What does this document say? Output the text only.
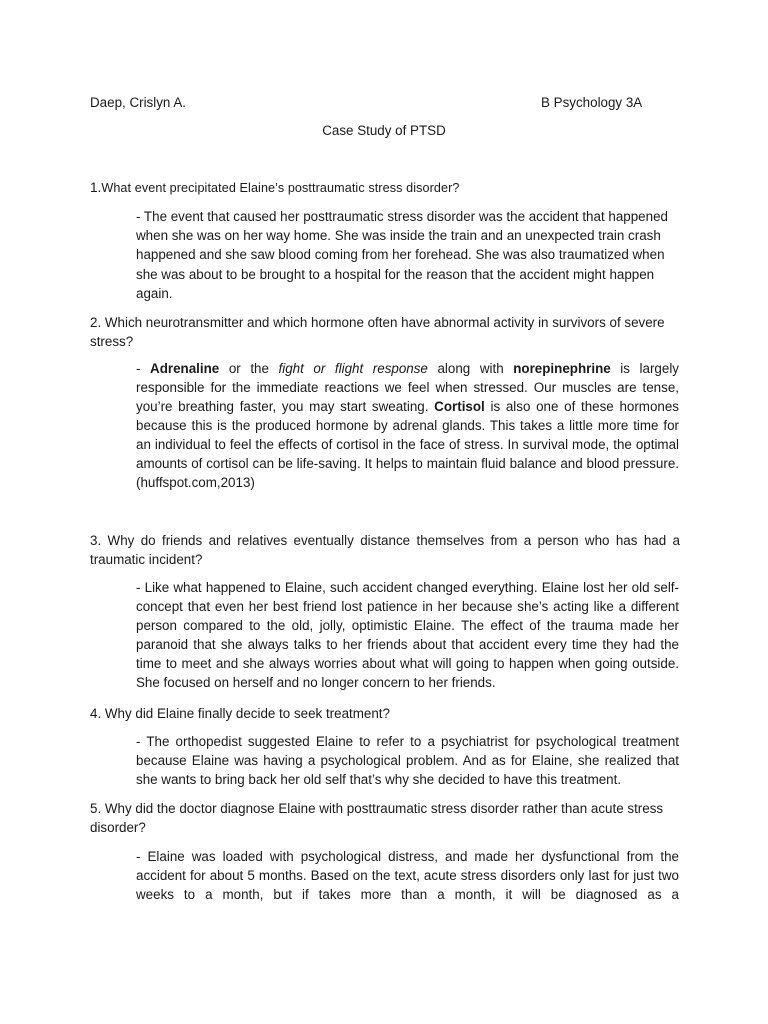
Daep, Crislyn A.	B Psychology 3A
Case Study of PTSD
1.What event precipitated Elaine’s posttraumatic stress disorder?
- The event that caused her posttraumatic stress disorder was the accident that happened when she was on her way home. She was inside the train and an unexpected train crash happened and she saw blood coming from her forehead. She was also traumatized when she was about to be brought to a hospital for the reason that the accident might happen again.
2. Which neurotransmitter and which hormone often have abnormal activity in survivors of severe stress?
- Adrenaline or the fight or flight response along with norepinephrine is largely responsible for the immediate reactions we feel when stressed. Our muscles are tense, you’re breathing faster, you may start sweating. Cortisol is also one of these hormones because this is the produced hormone by adrenal glands. This takes a little more time for an individual to feel the effects of cortisol in the face of stress. In survival mode, the optimal amounts of cortisol can be life-saving. It helps to maintain fluid balance and blood pressure. (huffspot.com,2013)
3. Why do friends and relatives eventually distance themselves from a person who has had a traumatic incident?
- Like what happened to Elaine, such accident changed everything. Elaine lost her old self-concept that even her best friend lost patience in her because she’s acting like a different person compared to the old, jolly, optimistic Elaine. The effect of the trauma made her paranoid that she always talks to her friends about that accident every time they had the time to meet and she always worries about what will going to happen when going outside. She focused on herself and no longer concern to her friends.
4. Why did Elaine finally decide to seek treatment?
- The orthopedist suggested Elaine to refer to a psychiatrist for psychological treatment because Elaine was having a psychological problem. And as for Elaine, she realized that she wants to bring back her old self that’s why she decided to have this treatment.
5. Why did the doctor diagnose Elaine with posttraumatic stress disorder rather than acute stress disorder?
- Elaine was loaded with psychological distress, and made her dysfunctional from the accident for about 5 months. Based on the text, acute stress disorders only last for just two weeks to a month, but if takes more than a month, it will be diagnosed as a
